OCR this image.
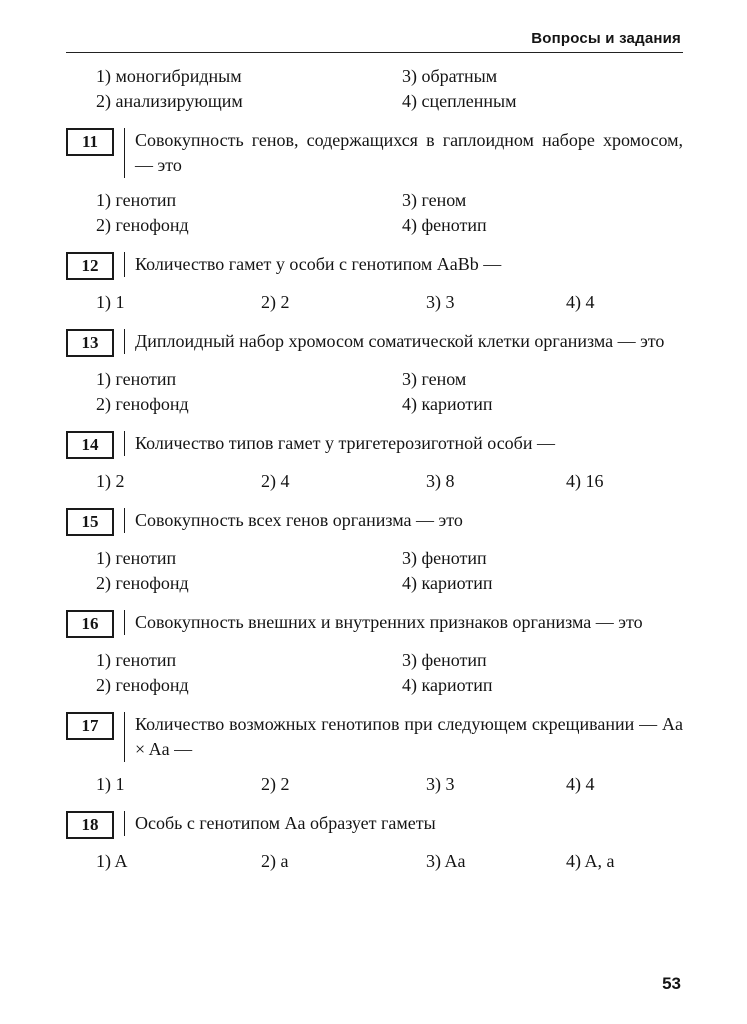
Вопросы и задания
1) моногибридным	3) обратным
2) анализирующим	4) сцепленным
11	Совокупность генов, содержащихся в гаплоидном наборе хромосом, — это
1) генотип	3) геном
2) генофонд	4) фенотип
12	Количество гамет у особи с генотипом AaBb —
1) 1	2) 2	3) 3	4) 4
13	Диплоидный набор хромосом соматической клетки организма — это
1) генотип	3) геном
2) генофонд	4) кариотип
14	Количество типов гамет у тригетерозиготной особи —
1) 2	2) 4	3) 8	4) 16
15	Совокупность всех генов организма — это
1) генотип	3) фенотип
2) генофонд	4) кариотип
16	Совокупность внешних и внутренних признаков организма — это
1) генотип	3) фенотип
2) генофонд	4) кариотип
17	Количество возможных генотипов при следующем скрещивании — Aa × Aa —
1) 1	2) 2	3) 3	4) 4
18	Особь с генотипом Aa образует гаметы
1) A	2) a	3) Aa	4) A, a
53
